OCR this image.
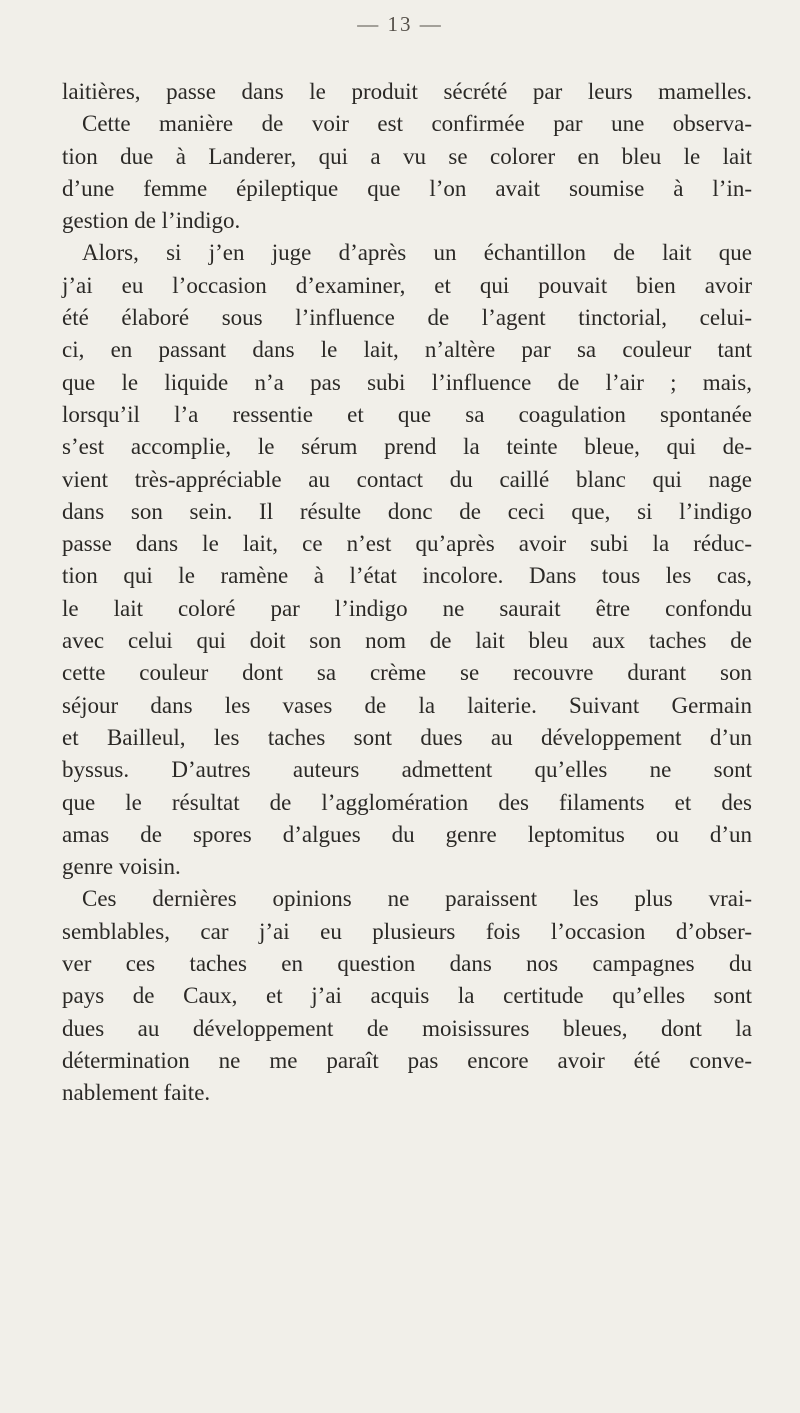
— 13 —
laitières, passe dans le produit sécrété par leurs mamelles.
Cette manière de voir est confirmée par une observa-
tion due à Landerer, qui a vu se colorer en bleu le lait
d’une femme épileptique que l’on avait soumise à l’in-
gestion de l’indigo.
Alors, si j’en juge d’après un échantillon de lait que
j’ai eu l’occasion d’examiner, et qui pouvait bien avoir
été élaboré sous l’influence de l’agent tinctorial, celui-
ci, en passant dans le lait, n’altère par sa couleur tant
que le liquide n’a pas subi l’influence de l’air ; mais,
lorsqu’il l’a ressentie et que sa coagulation spontanée
s’est accomplie, le sérum prend la teinte bleue, qui de-
vient très-appréciable au contact du caillé blanc qui nage
dans son sein. Il résulte donc de ceci que, si l’indigo
passe dans le lait, ce n’est qu’après avoir subi la réduc-
tion qui le ramène à l’état incolore. Dans tous les cas,
le lait coloré par l’indigo ne saurait être confondu
avec celui qui doit son nom de lait bleu aux taches de
cette couleur dont sa crème se recouvre durant son
séjour dans les vases de la laiterie. Suivant Germain
et Bailleul, les taches sont dues au développement d’un
byssus. D’autres auteurs admettent qu’elles ne sont
que le résultat de l’agglomération des filaments et des
amas de spores d’algues du genre leptomitus ou d’un
genre voisin.
Ces dernières opinions ne paraissent les plus vrai-
semblables, car j’ai eu plusieurs fois l’occasion d’obser-
ver ces taches en question dans nos campagnes du
pays de Caux, et j’ai acquis la certitude qu’elles sont
dues au développement de moisissures bleues, dont la
détermination ne me paraît pas encore avoir été conve-
nablement faite.
